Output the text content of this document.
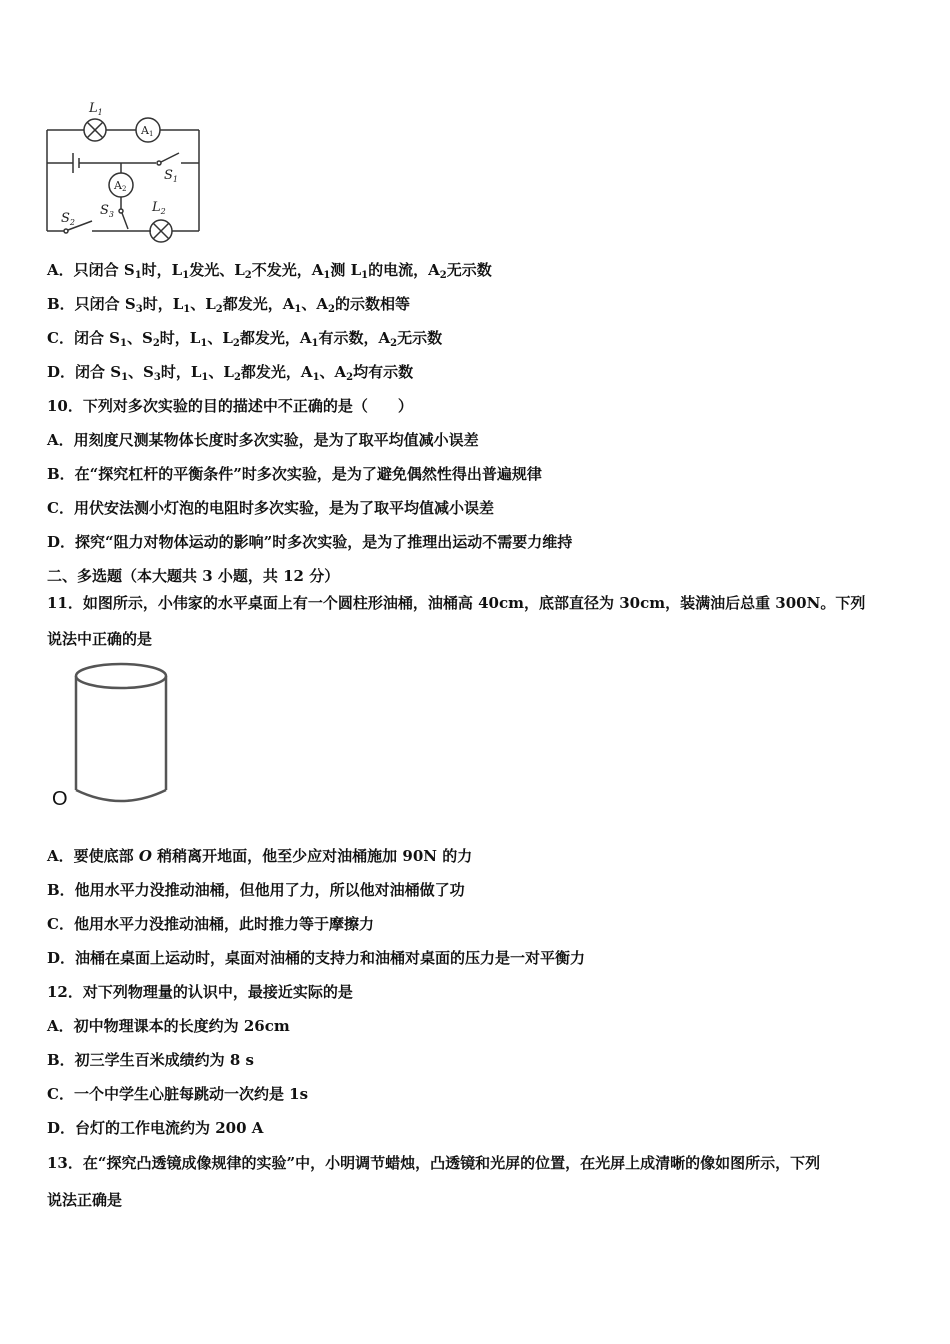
$L_1$
A1
A2
$S_1$
$S_2$
$S_3$	$L_2$
A．只闭合 $S_1$时，$L_1$发光、$L_2$不发光，$A_1$测 $L_1$的电流，$A_2$无示数
B．只闭合 $S_3$时，$L_1$、$L_2$都发光，$A_1$、$A_2$的示数相等
C．闭合 $S_1$、$S_2$时，$L_1$、$L_2$都发光，$A_1$有示数，$A_2$无示数
D．闭合 $S_1$、$S_3$时，$L_1$、$L_2$都发光，$A_1$、$A_2$均有示数
10．下列对多次实验的目的描述中不正确的是（　　）
A．用刻度尺测某物体长度时多次实验，是为了取平均值减小误差
B．在“探究杠杆的平衡条件”时多次实验，是为了避免偶然性得出普遍规律
C．用伏安法测小灯泡的电阻时多次实验，是为了取平均值减小误差
D．探究“阻力对物体运动的影响”时多次实验，是为了推理出运动不需要力维持
二、多选题（本大题共 3 小题，共 12 分）
11．如图所示，小伟家的水平桌面上有一个圆柱形油桶，油桶高 40cm，底部直径为 30cm，装满油后总重 300N。下列
说法中正确的是
O
A．要使底部 O 稍稍离开地面，他至少应对油桶施加 90N 的力
B．他用水平力没推动油桶，但他用了力，所以他对油桶做了功
C．他用水平力没推动油桶，此时推力等于摩擦力
D．油桶在桌面上运动时，桌面对油桶的支持力和油桶对桌面的压力是一对平衡力
12．对下列物理量的认识中，最接近实际的是
A．初中物理课本的长度约为 26cm
B．初三学生百米成绩约为 8 s
C．一个中学生心脏每跳动一次约是 1s
D．台灯的工作电流约为 200 A
13．在“探究凸透镜成像规律的实验”中，小明调节蜡烛，凸透镜和光屏的位置，在光屏上成清晰的像如图所示，下列
说法正确是
